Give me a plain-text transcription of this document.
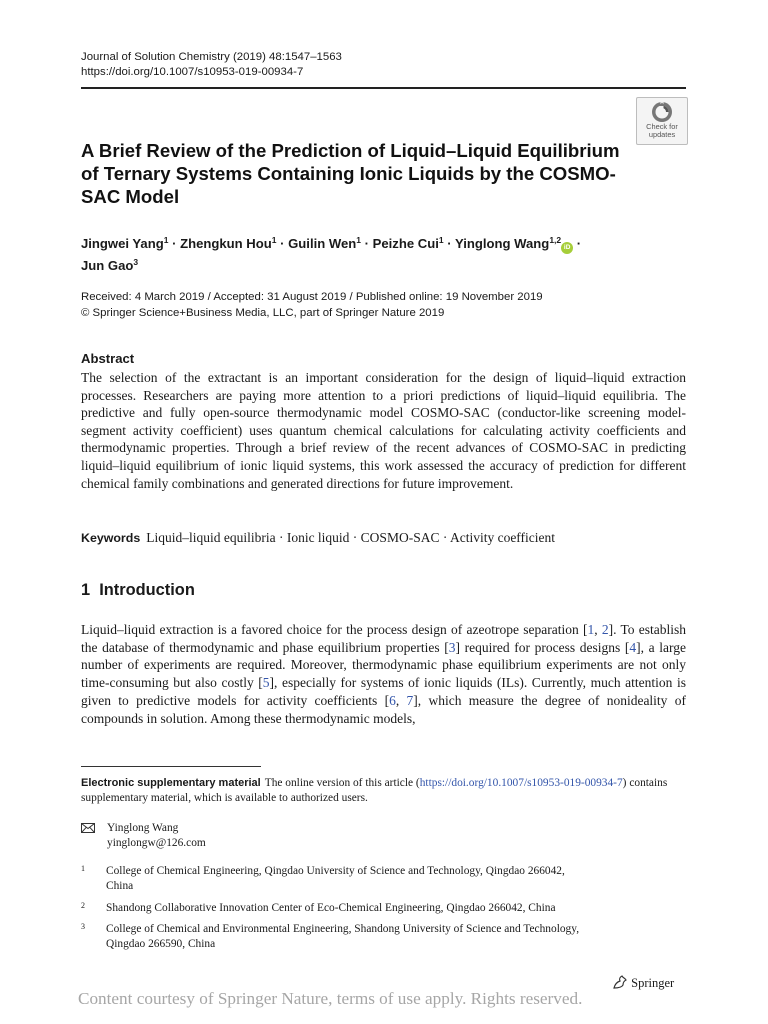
Journal of Solution Chemistry (2019) 48:1547–1563
https://doi.org/10.1007/s10953-019-00934-7
Check for
updates
A Brief Review of the Prediction of Liquid–Liquid Equilibrium of Ternary Systems Containing Ionic Liquids by the COSMO-SAC Model
Jingwei Yang$^1$ · Zhengkun Hou$^1$ · Guilin Wen$^1$ · Peizhe Cui$^1$ · Yinglong Wang$^{1,2}$iD ·
Jun Gao$^3$
Received: 4 March 2019 / Accepted: 31 August 2019 / Published online: 19 November 2019
© Springer Science+Business Media, LLC, part of Springer Nature 2019
Abstract
The selection of the extractant is an important consideration for the design of liquid–liquid extraction processes. Researchers are paying more attention to a priori predictions of liquid–liquid equilibria. The predictive and fully open-source thermodynamic model COSMO-SAC (conductor-like screening model-segment activity coefficient) uses quantum chemical calculations for calculating activity coefficients and thermodynamic properties. Through a brief review of the recent advances of COSMO-SAC in predicting liquid–liquid equilibrium of ionic liquid systems, this work assessed the accuracy of prediction for different chemical family combinations and generated directions for future improvement.
Keywords Liquid–liquid equilibria · Ionic liquid · COSMO-SAC · Activity coefficient
1 Introduction
Liquid–liquid extraction is a favored choice for the process design of azeotrope separation [1, 2]. To establish the database of thermodynamic and phase equilibrium properties [3] required for process designs [4], a large number of experiments are required. Moreover, thermodynamic phase equilibrium experiments are not only time-consuming but also costly [5], especially for systems of ionic liquids (ILs). Currently, much attention is given to predictive models for activity coefficients [6, 7], which measure the degree of nonideality of compounds in solution. Among these thermodynamic models,
Electronic supplementary material The online version of this article (https://doi.org/10.1007/s10953-019-00934-7) contains supplementary material, which is available to authorized users.
Yinglong Wang
yinglongw@126.com
1 College of Chemical Engineering, Qingdao University of Science and Technology, Qingdao 266042, China
2 Shandong Collaborative Innovation Center of Eco-Chemical Engineering, Qingdao 266042, China
3 College of Chemical and Environmental Engineering, Shandong University of Science and Technology, Qingdao 266590, China
Springer
Content courtesy of Springer Nature, terms of use apply. Rights reserved.
